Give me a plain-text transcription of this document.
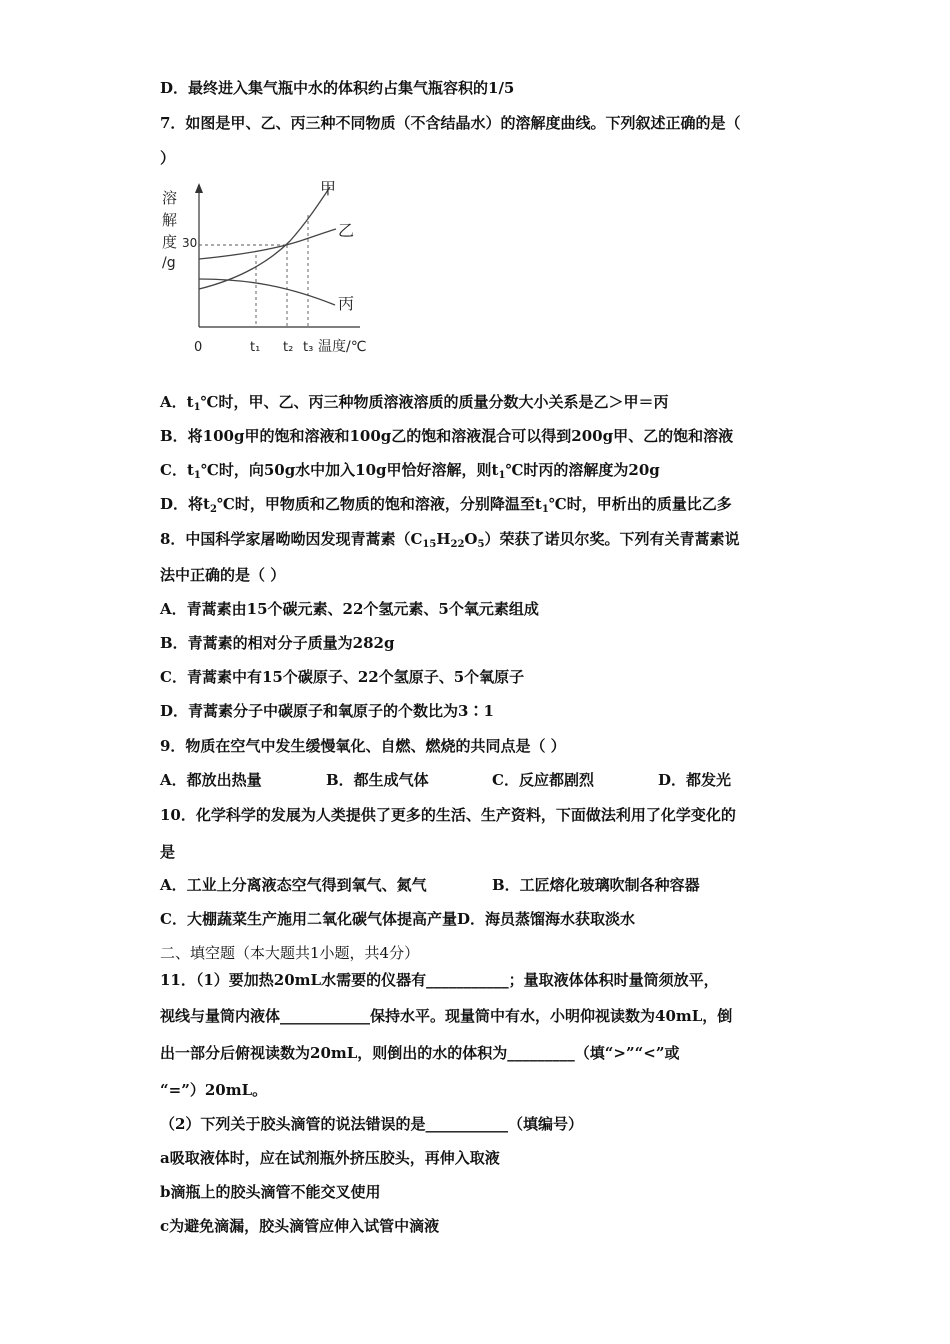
D．最终进入集气瓶中水的体积约占集气瓶容积的1/5
7．如图是甲、乙、丙三种不同物质（不含结晶水）的溶解度曲线。下列叙述正确的是（
）
溶
解
度
/g
30
甲
乙
丙
0	t₁ t₂ t₃ 温度/℃
A．$t_1℃$时，甲、乙、丙三种物质溶液溶质的质量分数大小关系是乙＞甲＝丙
B．将100g甲的饱和溶液和100g乙的饱和溶液混合可以得到200g甲、乙的饱和溶液
C．$t_1℃$时，向50g水中加入10g甲恰好溶解，则$t_1℃$时丙的溶解度为20g
D．将$t_2℃$时，甲物质和乙物质的饱和溶液，分别降温至$t_1℃$时，甲析出的质量比乙多
8．中国科学家屠呦呦因发现青蒿素$(C_{15}H_{22}O_5)$荣获了诺贝尔奖。下列有关青蒿素说
法中正确的是（ ）
A．青蒿素由15个碳元素、22个氢元素、5个氧元素组成
B．青蒿素的相对分子质量为282g
C．青蒿素中有15个碳原子、22个氢原子、5个氧原子
D．青蒿素分子中碳原子和氧原子的个数比为3∶1
9．物质在空气中发生缓慢氧化、自燃、燃烧的共同点是（ ）
A．都放出热量	B．都生成气体	C．反应都剧烈	D．都发光
10．化学科学的发展为人类提供了更多的生活、生产资料，下面做法利用了化学变化的
是
A．工业上分离液态空气得到氧气、氮气	B．工匠熔化玻璃吹制各种容器
C．大棚蔬菜生产施用二氧化碳气体提高产量D．海员蒸馏海水获取淡水
二、填空题（本大题共1小题，共4分）
11．（1）要加热20mL水需要的仪器有___________；量取液体体积时量筒须放平，
视线与量筒内液体____________保持水平。现量筒中有水，小明仰视读数为40mL，倒
出一部分后俯视读数为20mL，则倒出的水的体积为_________（填“>”“<”或
“=”）20mL。
（2）下列关于胶头滴管的说法错误的是___________（填编号）
a吸取液体时，应在试剂瓶外挤压胶头，再伸入取液
b滴瓶上的胶头滴管不能交叉使用
c为避免滴漏，胶头滴管应伸入试管中滴液
